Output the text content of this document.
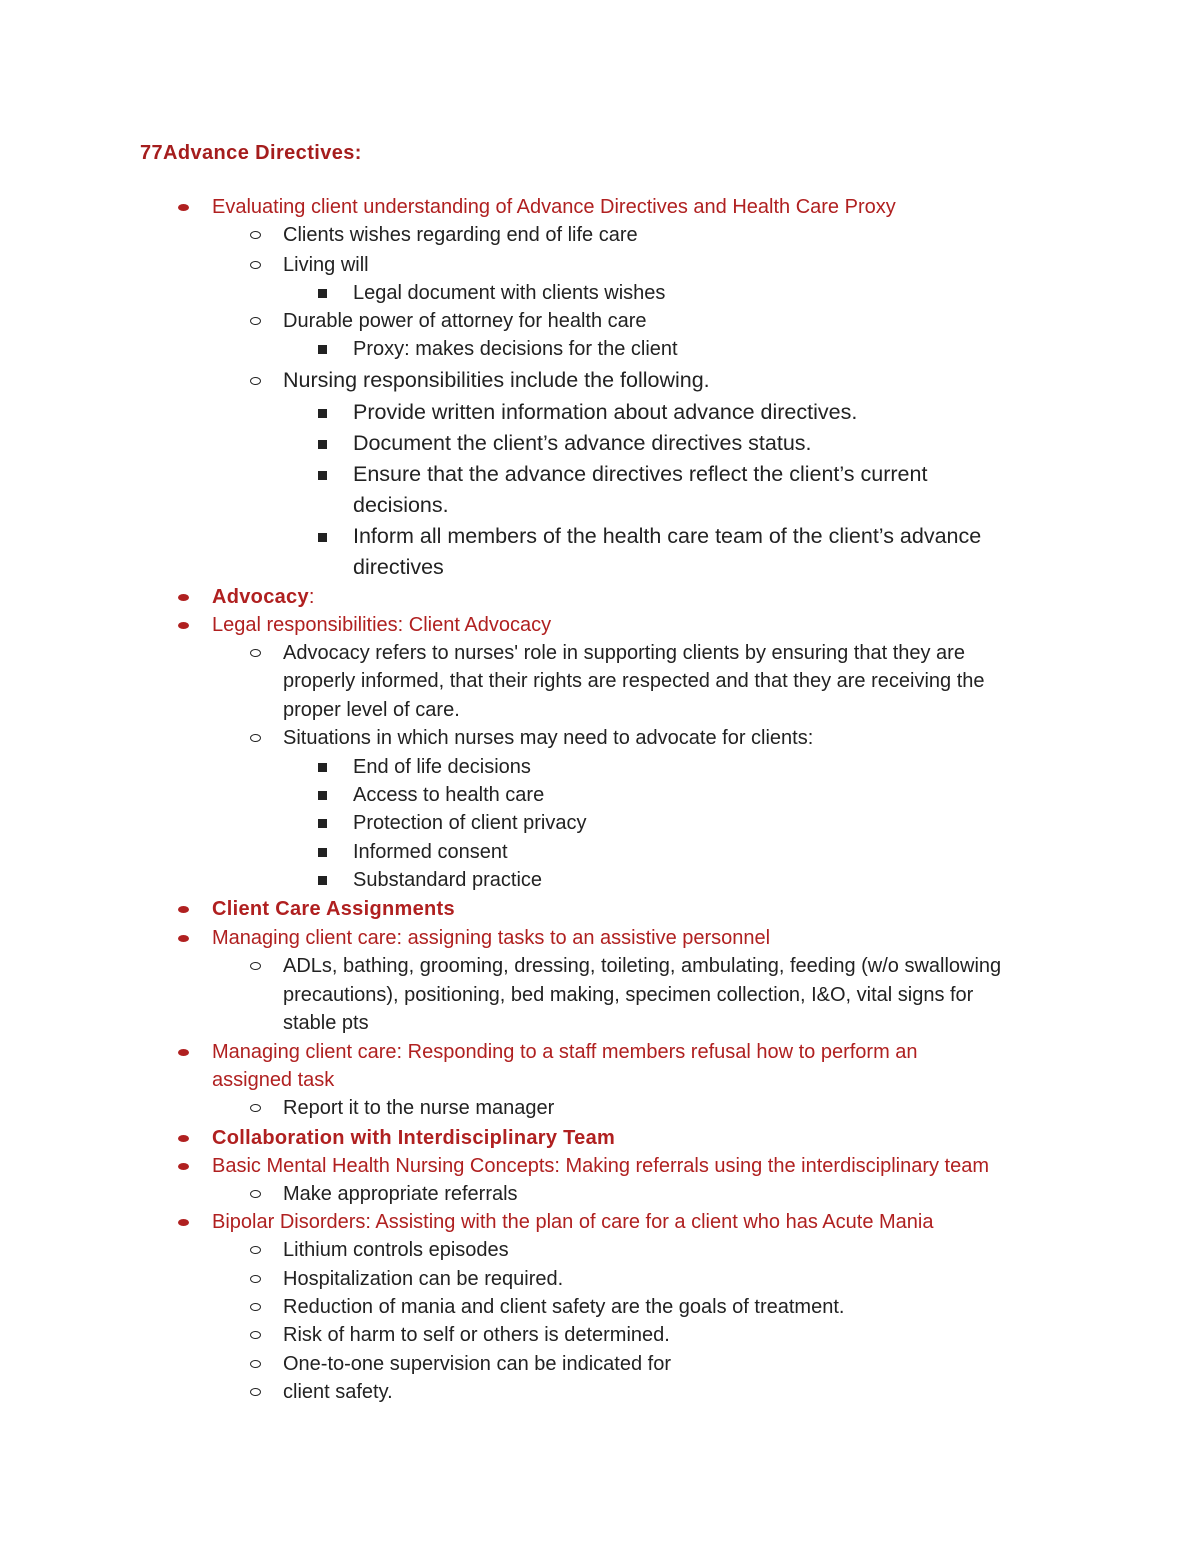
77Advance Directives:
Evaluating client understanding of Advance Directives and Health Care Proxy
Clients wishes regarding end of life care
Living will
Legal document with clients wishes
Durable power of attorney for health care
Proxy: makes decisions for the client
Nursing responsibilities include the following.
Provide written information about advance directives.
Document the client’s advance directives status.
Ensure that the advance directives reflect the client’s current
decisions.
Inform all members of the health care team of the client’s advance
directives
Advocacy:
Legal responsibilities: Client Advocacy
Advocacy refers to nurses' role in supporting clients by ensuring that they are
properly informed, that their rights are respected and that they are receiving the
proper level of care.
Situations in which nurses may need to advocate for clients:
End of life decisions
Access to health care
Protection of client privacy
Informed consent
Substandard practice
Client Care Assignments
Managing client care: assigning tasks to an assistive personnel
ADLs, bathing, grooming, dressing, toileting, ambulating, feeding (w/o swallowing
precautions), positioning, bed making, specimen collection, I&O, vital signs for
stable pts
Managing client care: Responding to a staff members refusal how to perform an
assigned task
Report it to the nurse manager
Collaboration with Interdisciplinary Team
Basic Mental Health Nursing Concepts: Making referrals using the interdisciplinary team
Make appropriate referrals
Bipolar Disorders: Assisting with the plan of care for a client who has Acute Mania
Lithium controls episodes
Hospitalization can be required.
Reduction of mania and client safety are the goals of treatment.
Risk of harm to self or others is determined.
One-to-one supervision can be indicated for
client safety.
